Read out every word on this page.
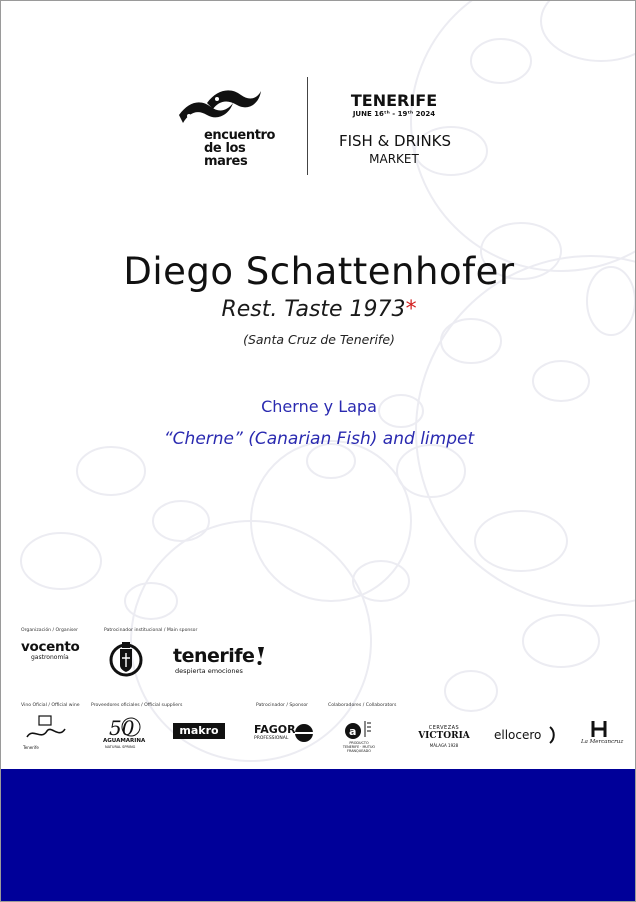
encuentro
de los
mares
TENERIFE
JUNE 16ᵗʰ - 19ᵗʰ 2024
FISH & DRINKS
MARKET
Diego Schattenhofer
Rest. Taste 1973*
(Santa Cruz de Tenerife)
Cherne y Lapa
“Cherne” (Canarian Fish) and limpet
Organización / Organiser	Patrocinador institucional / Main sponsor
vocento
gastronomía	tenerife
despierta emociones
Vino Oficial / Official wine Proveedores oficiales / Official suppliers	Patrocinador / Sponsor	Colaboradores / Collaborators
Tenerife
50
AGUAMARINA
NATURAL SPRING
makro	FAGOR
PROFESSIONAL
a
PRODUCTO TENERIFE · MUTUO FRANQUEADO
CERVEZAS
VICTORIA
MÁLAGA 1928
ellocero	La Mercancruz
